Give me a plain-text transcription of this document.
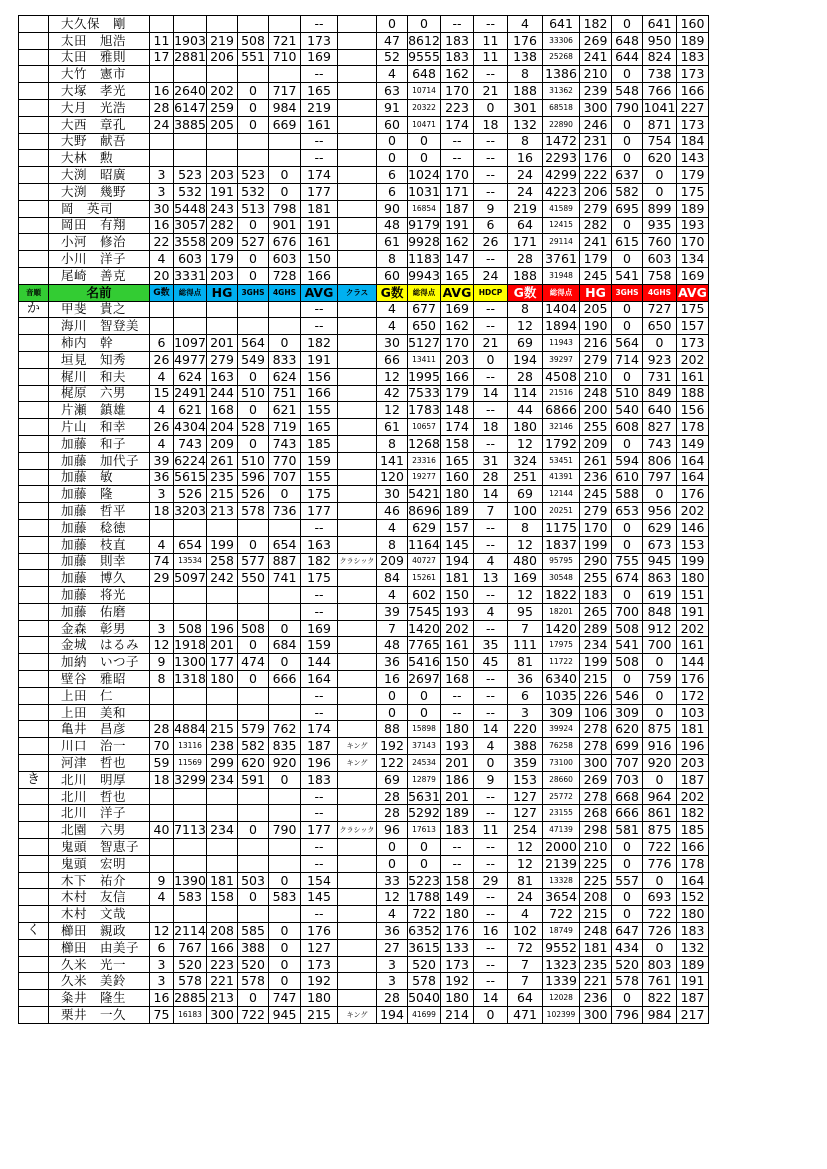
	大久保　剛						--		0	0	--	--	4	641	182	0	641	160
	太田　旭浩	11	1903	219	508	721	173		47	8612	183	11	176	33306	269	648	950	189
	太田　雅則	17	2881	206	551	710	169		52	9555	183	11	138	25268	241	644	824	183
	大竹　憲市						--		4	648	162	--	8	1386	210	0	738	173
	大塚　孝光	16	2640	202	0	717	165		63	10714	170	21	188	31362	239	548	766	166
	大月　光浩	28	6147	259	0	984	219		91	20322	223	0	301	68518	300	790	1041	227
	大西　章孔	24	3885	205	0	669	161		60	10471	174	18	132	22890	246	0	871	173
	大野　献吾						--		0	0	--	--	8	1472	231	0	754	184
	大林　勲						--		0	0	--	--	16	2293	176	0	620	143
	大渕　昭廣	3	523	203	523	0	174		6	1024	170	--	24	4299	222	637	0	179
	大渕　幾野	3	532	191	532	0	177		6	1031	171	--	24	4223	206	582	0	175
	岡　英司	30	5448	243	513	798	181		90	16854	187	9	219	41589	279	695	899	189
	岡田　有翔	16	3057	282	0	901	191		48	9179	191	6	64	12415	282	0	935	193
	小河　修治	22	3558	209	527	676	161		61	9928	162	26	171	29114	241	615	760	170
	小川　洋子	4	603	179	0	603	150		8	1183	147	--	28	3761	179	0	603	134
	尾崎　善克	20	3331	203	0	728	166		60	9943	165	24	188	31948	245	541	758	169
音順	名前	G数	総得点	HG	3GHS	4GHS	AVG	クラス	G数	総得点	AVG	HDCP	G数	総得点	HG	3GHS	4GHS	AVG
か	甲斐　貴之						--		4	677	169	--	8	1404	205	0	727	175
	海川　智登美						--		4	650	162	--	12	1894	190	0	650	157
	柿内　幹	6	1097	201	564	0	182		30	5127	170	21	69	11943	216	564	0	173
	垣見　知秀	26	4977	279	549	833	191		66	13411	203	0	194	39297	279	714	923	202
	梶川　和夫	4	624	163	0	624	156		12	1995	166	--	28	4508	210	0	731	161
	梶原　六男	15	2491	244	510	751	166		42	7533	179	14	114	21516	248	510	849	188
	片瀬　鎮雄	4	621	168	0	621	155		12	1783	148	--	44	6866	200	540	640	156
	片山　和幸	26	4304	204	528	719	165		61	10657	174	18	180	32146	255	608	827	178
	加藤　和子	4	743	209	0	743	185		8	1268	158	--	12	1792	209	0	743	149
	加藤　加代子	39	6224	261	510	770	159		141	23316	165	31	324	53451	261	594	806	164
	加藤　敏	36	5615	235	596	707	155		120	19277	160	28	251	41391	236	610	797	164
	加藤　隆	3	526	215	526	0	175		30	5421	180	14	69	12144	245	588	0	176
	加藤　哲平	18	3203	213	578	736	177		46	8696	189	7	100	20251	279	653	956	202
	加藤　稔徳						--		4	629	157	--	8	1175	170	0	629	146
	加藤　枝直	4	654	199	0	654	163		8	1164	145	--	12	1837	199	0	673	153
	加藤　則幸	74	13534	258	577	887	182	クラシック	209	40727	194	4	480	95795	290	755	945	199
	加藤　博久	29	5097	242	550	741	175		84	15261	181	13	169	30548	255	674	863	180
	加藤　将光						--		4	602	150	--	12	1822	183	0	619	151
	加藤　佑磨						--		39	7545	193	4	95	18201	265	700	848	191
	金森　彰男	3	508	196	508	0	169		7	1420	202	--	7	1420	289	508	912	202
	金城　はるみ	12	1918	201	0	684	159		48	7765	161	35	111	17975	234	541	700	161
	加納　いつ子	9	1300	177	474	0	144		36	5416	150	45	81	11722	199	508	0	144
	壁谷　雅昭	8	1318	180	0	666	164		16	2697	168	--	36	6340	215	0	759	176
	上田　仁						--		0	0	--	--	6	1035	226	546	0	172
	上田　美和						--		0	0	--	--	3	309	106	309	0	103
	亀井　昌彦	28	4884	215	579	762	174		88	15898	180	14	220	39924	278	620	875	181
	川口　治一	70	13116	238	582	835	187	キング	192	37143	193	4	388	76258	278	699	916	196
	河津　哲也	59	11569	299	620	920	196	キング	122	24534	201	0	359	73100	300	707	920	203
き	北川　明厚	18	3299	234	591	0	183		69	12879	186	9	153	28660	269	703	0	187
	北川　哲也						--		28	5631	201	--	127	25772	278	668	964	202
	北川　洋子						--		28	5292	189	--	127	23155	268	666	861	182
	北園　六男	40	7113	234	0	790	177	クラシック	96	17613	183	11	254	47139	298	581	875	185
	鬼頭　智恵子						--		0	0	--	--	12	2000	210	0	722	166
	鬼頭　宏明						--		0	0	--	--	12	2139	225	0	776	178
	木下　祐介	9	1390	181	503	0	154		33	5223	158	29	81	13328	225	557	0	164
	木村　友信	4	583	158	0	583	145		12	1788	149	--	24	3654	208	0	693	152
	木村　文哉						--		4	722	180	--	4	722	215	0	722	180
く	櫛田　親政	12	2114	208	585	0	176		36	6352	176	16	102	18749	248	647	726	183
	櫛田　由美子	6	767	166	388	0	127		27	3615	133	--	72	9552	181	434	0	132
	久米　光一	3	520	223	520	0	173		3	520	173	--	7	1323	235	520	803	189
	久米　美鈴	3	578	221	578	0	192		3	578	192	--	7	1339	221	578	761	191
	粂井　隆生	16	2885	213	0	747	180		28	5040	180	14	64	12028	236	0	822	187
	栗井　一久	75	16183	300	722	945	215	キング	194	41699	214	0	471	102399	300	796	984	217
